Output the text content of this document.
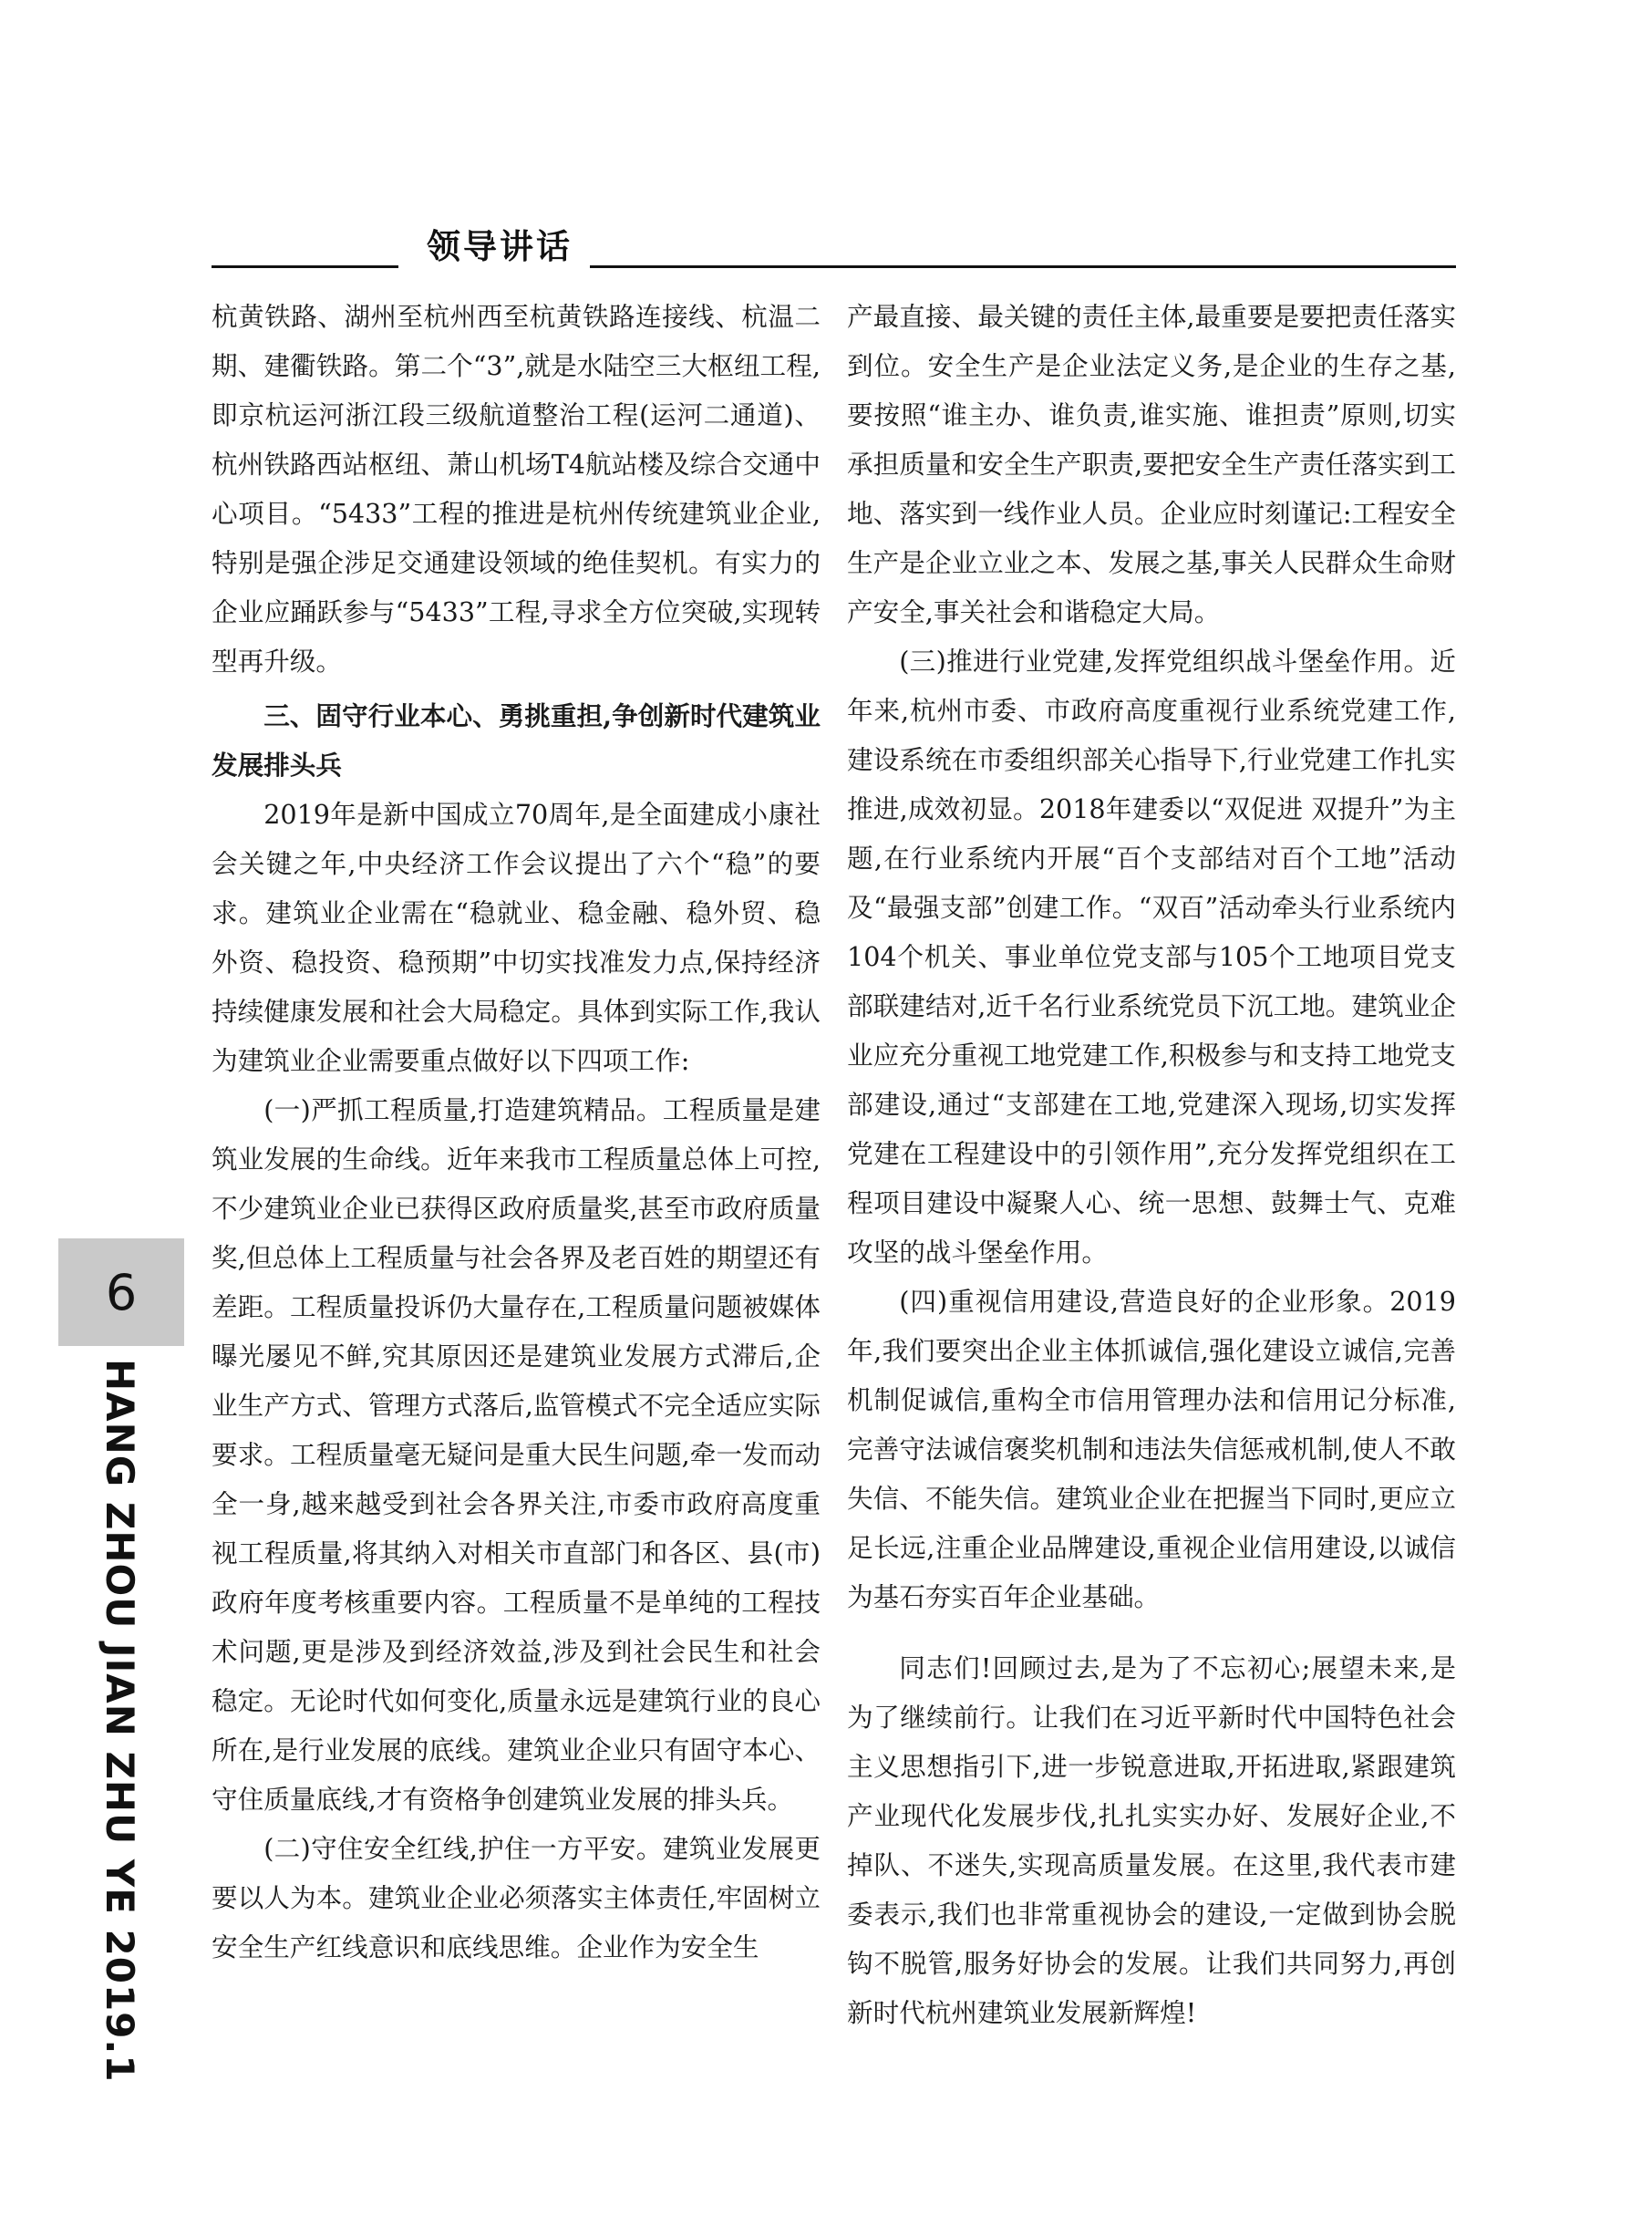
领导讲话

杭黄铁路、湖州至杭州西至杭黄铁路连接线、杭温二期、建衢铁路。第二个“3”,就是水陆空三大枢纽工程,即京杭运河浙江段三级航道整治工程(运河二通道)、杭州铁路西站枢纽、萧山机场T4航站楼及综合交通中心项目。“5433”工程的推进是杭州传统建筑业企业,特别是强企涉足交通建设领域的绝佳契机。有实力的企业应踊跃参与“5433”工程,寻求全方位突破,实现转型再升级。

三、固守行业本心、勇挑重担,争创新时代建筑业发展排头兵

2019年是新中国成立70周年,是全面建成小康社会关键之年,中央经济工作会议提出了六个“稳”的要求。建筑业企业需在“稳就业、稳金融、稳外贸、稳外资、稳投资、稳预期”中切实找准发力点,保持经济持续健康发展和社会大局稳定。具体到实际工作,我认为建筑业企业需要重点做好以下四项工作:

(一)严抓工程质量,打造建筑精品。工程质量是建筑业发展的生命线。近年来我市工程质量总体上可控,不少建筑业企业已获得区政府质量奖,甚至市政府质量奖,但总体上工程质量与社会各界及老百姓的期望还有差距。工程质量投诉仍大量存在,工程质量问题被媒体曝光屡见不鲜,究其原因还是建筑业发展方式滞后,企业生产方式、管理方式落后,监管模式不完全适应实际要求。工程质量毫无疑问是重大民生问题,牵一发而动全一身,越来越受到社会各界关注,市委市政府高度重视工程质量,将其纳入对相关市直部门和各区、县(市)政府年度考核重要内容。工程质量不是单纯的工程技术问题,更是涉及到经济效益,涉及到社会民生和社会稳定。无论时代如何变化,质量永远是建筑行业的良心所在,是行业发展的底线。建筑业企业只有固守本心、守住质量底线,才有资格争创建筑业发展的排头兵。

(二)守住安全红线,护住一方平安。建筑业发展更要以人为本。建筑业企业必须落实主体责任,牢固树立安全生产红线意识和底线思维。企业作为安全生

产最直接、最关键的责任主体,最重要是要把责任落实到位。安全生产是企业法定义务,是企业的生存之基,要按照“谁主办、谁负责,谁实施、谁担责”原则,切实承担质量和安全生产职责,要把安全生产责任落实到工地、落实到一线作业人员。企业应时刻谨记:工程安全生产是企业立业之本、发展之基,事关人民群众生命财产安全,事关社会和谐稳定大局。

(三)推进行业党建,发挥党组织战斗堡垒作用。近年来,杭州市委、市政府高度重视行业系统党建工作,建设系统在市委组织部关心指导下,行业党建工作扎实推进,成效初显。2018年建委以“双促进 双提升”为主题,在行业系统内开展“百个支部结对百个工地”活动及“最强支部”创建工作。“双百”活动牵头行业系统内104个机关、事业单位党支部与105个工地项目党支部联建结对,近千名行业系统党员下沉工地。建筑业企业应充分重视工地党建工作,积极参与和支持工地党支部建设,通过“支部建在工地,党建深入现场,切实发挥党建在工程建设中的引领作用”,充分发挥党组织在工程项目建设中凝聚人心、统一思想、鼓舞士气、克难攻坚的战斗堡垒作用。

(四)重视信用建设,营造良好的企业形象。2019年,我们要突出企业主体抓诚信,强化建设立诚信,完善机制促诚信,重构全市信用管理办法和信用记分标准,完善守法诚信褒奖机制和违法失信惩戒机制,使人不敢失信、不能失信。建筑业企业在把握当下同时,更应立足长远,注重企业品牌建设,重视企业信用建设,以诚信为基石夯实百年企业基础。

同志们!回顾过去,是为了不忘初心;展望未来,是为了继续前行。让我们在习近平新时代中国特色社会主义思想指引下,进一步锐意进取,开拓进取,紧跟建筑产业现代化发展步伐,扎扎实实办好、发展好企业,不掉队、不迷失,实现高质量发展。在这里,我代表市建委表示,我们也非常重视协会的建设,一定做到协会脱钩不脱管,服务好协会的发展。让我们共同努力,再创新时代杭州建筑业发展新辉煌!

6
HANG ZHOU JIAN ZHU YE 2019.1
